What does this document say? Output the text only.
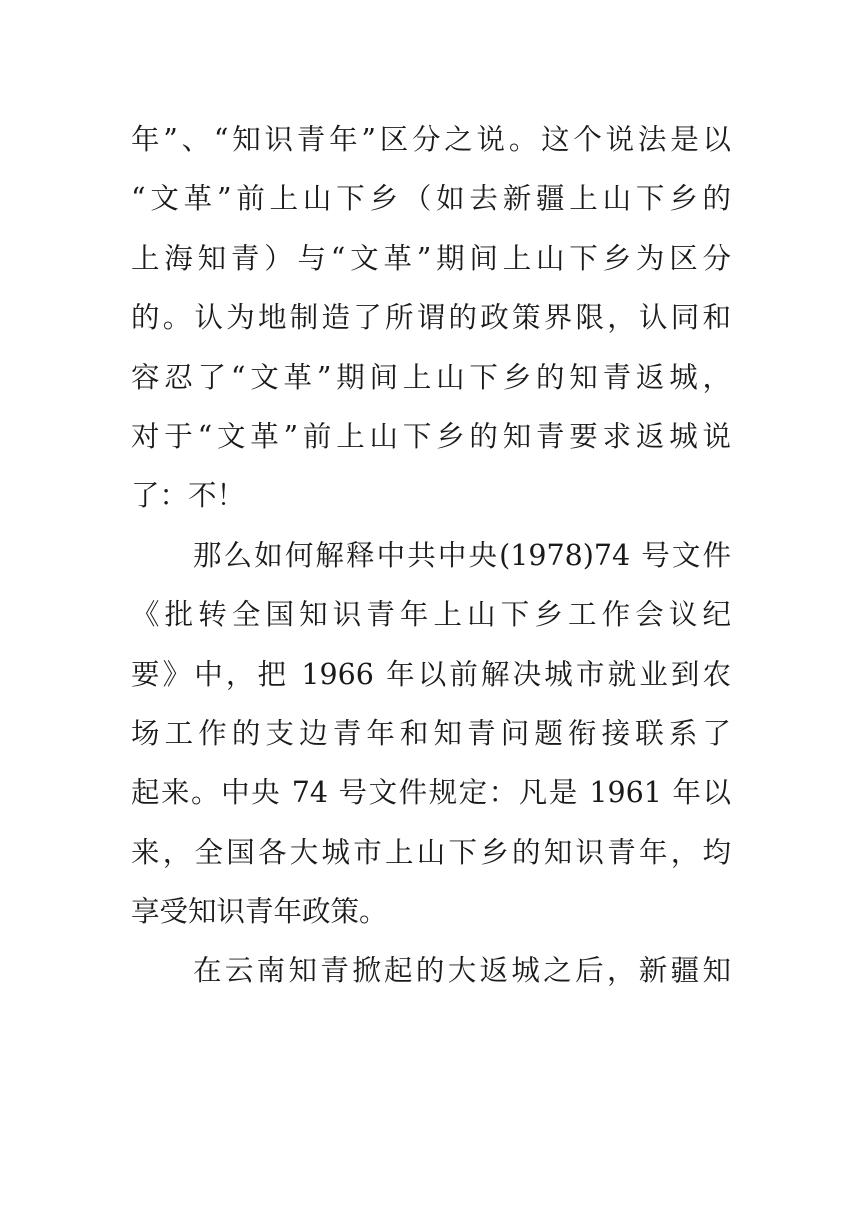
年”、“知识青年”区分之说。这个说法是以
“文革”前上山下乡（如去新疆上山下乡的
上海知青）与“文革”期间上山下乡为区分
的。认为地制造了所谓的政策界限，认同和
容忍了“文革”期间上山下乡的知青返城，
对于“文革”前上山下乡的知青要求返城说
了：不！
那么如何解释中共中央(1978)74 号文件
《批转全国知识青年上山下乡工作会议纪
要》中，把 1966 年以前解决城市就业到农
场工作的支边青年和知青问题衔接联系了
起来。中央 74 号文件规定：凡是 1961 年以
来，全国各大城市上山下乡的知识青年，均
享受知识青年政策。
在云南知青掀起的大返城之后，新疆知
